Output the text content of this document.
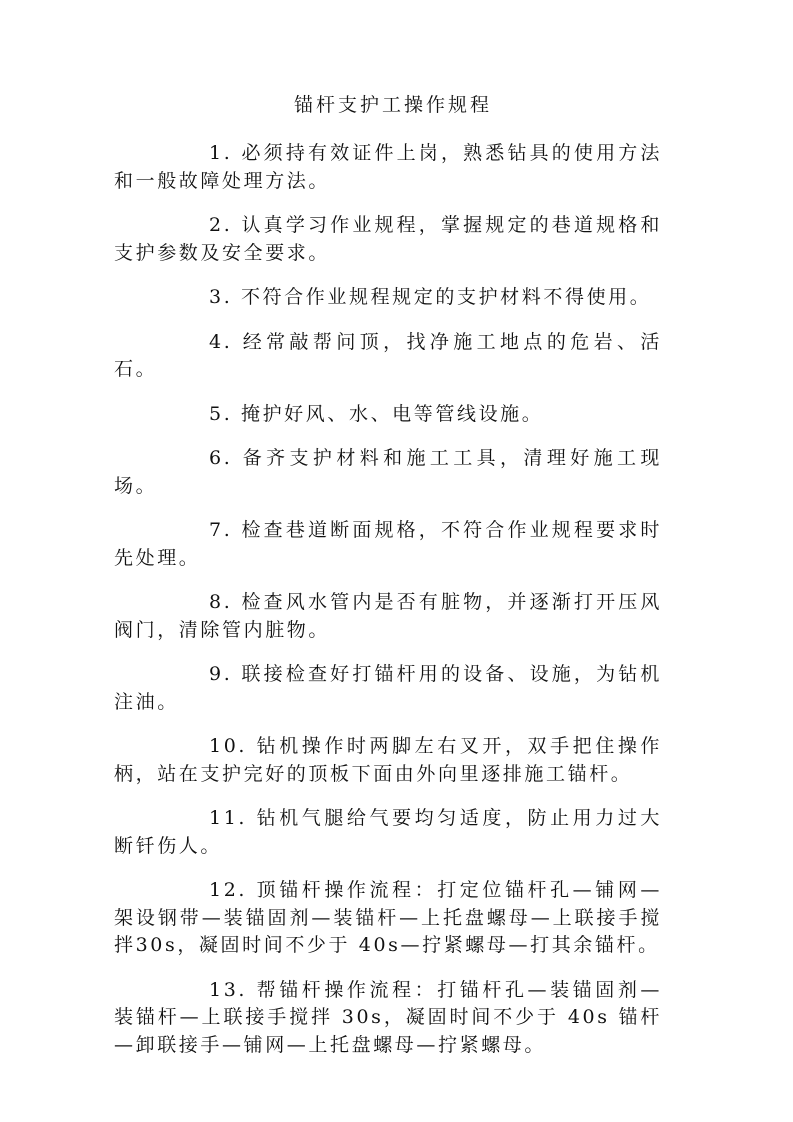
锚杆支护工操作规程

1. 必须持有效证件上岗，熟悉钻具的使用方法和一般故障处理方法。

2. 认真学习作业规程，掌握规定的巷道规格和支护参数及安全要求。

3. 不符合作业规程规定的支护材料不得使用。

4. 经常敲帮问顶，找净施工地点的危岩、活石。

5. 掩护好风、水、电等管线设施。

6. 备齐支护材料和施工工具，清理好施工现场。

7. 检查巷道断面规格，不符合作业规程要求时先处理。

8. 检查风水管内是否有脏物，并逐渐打开压风阀门，清除管内脏物。

9. 联接检查好打锚杆用的设备、设施，为钻机注油。

10. 钻机操作时两脚左右叉开，双手把住操作柄，站在支护完好的顶板下面由外向里逐排施工锚杆。

11. 钻机气腿给气要均匀适度，防止用力过大断钎伤人。

12. 顶锚杆操作流程：打定位锚杆孔—铺网—架设钢带—装锚固剂—装锚杆—上托盘螺母—上联接手搅拌30s，凝固时间不少于 40s—拧紧螺母—打其余锚杆。

13. 帮锚杆操作流程：打锚杆孔—装锚固剂—装锚杆—上联接手搅拌 30s，凝固时间不少于 40s 锚杆—卸联接手—铺网—上托盘螺母—拧紧螺母。
